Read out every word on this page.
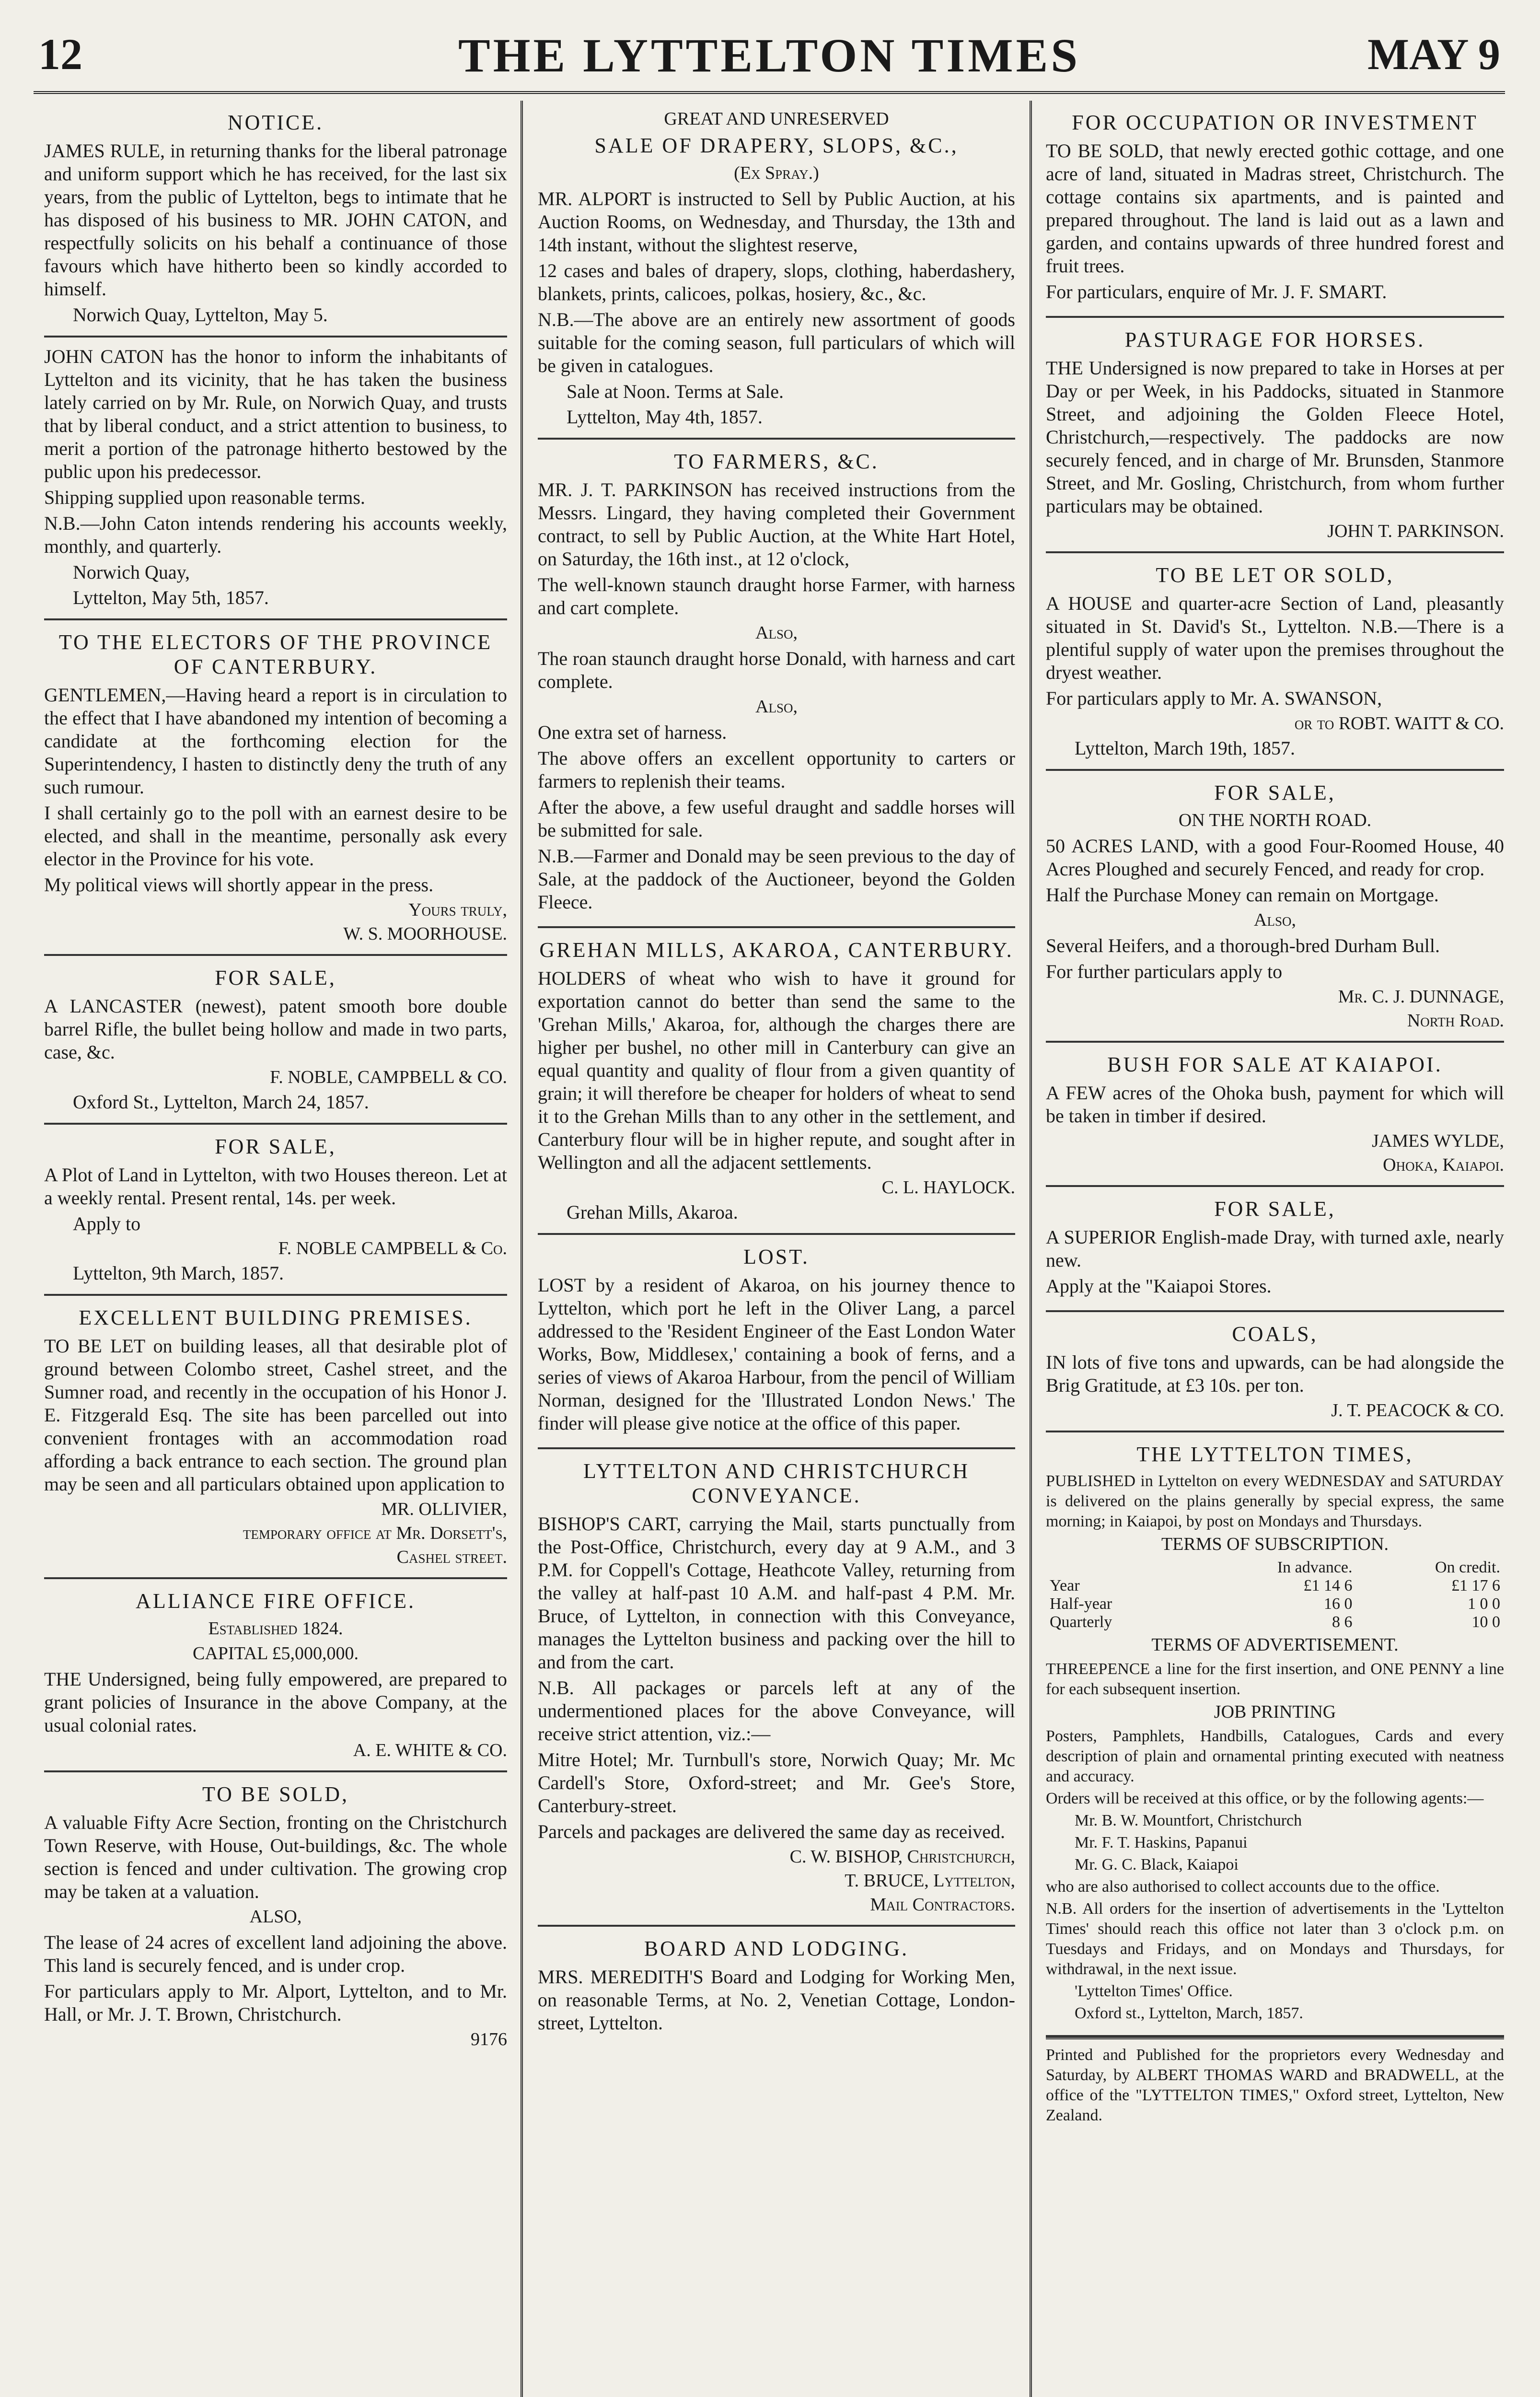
12	THE LYTTELTON TIMES	MAY 9
NOTICE.
JAMES RULE, in returning thanks for the liberal patronage and uniform support which he has received, for the last six years, from the public of Lyttelton, begs to intimate that he has disposed of his business to MR. JOHN CATON, and respectfully solicits on his behalf a continuance of those favours which have hitherto been so kindly accorded to himself.
Norwich Quay, Lyttelton, May 5.
JOHN CATON has the honor to inform the inhabitants of Lyttelton and its vicinity, that he has taken the business lately carried on by Mr. Rule, on Norwich Quay, and trusts that by liberal conduct, and a strict attention to business, to merit a portion of the patronage hitherto bestowed by the public upon his predecessor.
Shipping supplied upon reasonable terms.
N.B.—John Caton intends rendering his accounts weekly, monthly, and quarterly.
Norwich Quay,
Lyttelton, May 5th, 1857.
TO THE ELECTORS OF THE PROVINCE OF CANTERBURY.
GENTLEMEN,—Having heard a report is in circulation to the effect that I have abandoned my intention of becoming a candidate at the forthcoming election for the Superintendency, I hasten to distinctly deny the truth of any such rumour.
I shall certainly go to the poll with an earnest desire to be elected, and shall in the meantime, personally ask every elector in the Province for his vote.
My political views will shortly appear in the press.
Yours truly,
W. S. MOORHOUSE.
FOR SALE,
A LANCASTER (newest), patent smooth bore double barrel Rifle, the bullet being hollow and made in two parts, case, &c.
F. NOBLE, CAMPBELL & CO.
Oxford St., Lyttelton, March 24, 1857.
FOR SALE,
A Plot of Land in Lyttelton, with two Houses thereon. Let at a weekly rental. Present rental, 14s. per week.
Apply to
F. NOBLE CAMPBELL & Co.
Lyttelton, 9th March, 1857.
EXCELLENT BUILDING PREMISES.
TO BE LET on building leases, all that desirable plot of ground between Colombo street, Cashel street, and the Sumner road, and recently in the occupation of his Honor J. E. Fitzgerald Esq. The site has been parcelled out into convenient frontages with an accommodation road affording a back entrance to each section. The ground plan may be seen and all particulars obtained upon application to
MR. OLLIVIER,
temporary office at Mr. Dorsett's,
Cashel street.
ALLIANCE FIRE OFFICE.
Established 1824.
CAPITAL £5,000,000.
THE Undersigned, being fully empowered, are prepared to grant policies of Insurance in the above Company, at the usual colonial rates.
A. E. WHITE & CO.
TO BE SOLD,
A valuable Fifty Acre Section, fronting on the Christchurch Town Reserve, with House, Out-buildings, &c. The whole section is fenced and under cultivation. The growing crop may be taken at a valuation.
ALSO,
The lease of 24 acres of excellent land adjoining the above. This land is securely fenced, and is under crop.
For particulars apply to Mr. Alport, Lyttelton, and to Mr. Hall, or Mr. J. T. Brown, Christchurch.
9176
GREAT AND UNRESERVED
SALE OF DRAPERY, SLOPS, &C.,
(Ex Spray.)
MR. ALPORT is instructed to Sell by Public Auction, at his Auction Rooms, on Wednesday, and Thursday, the 13th and 14th instant, without the slightest reserve,
12 cases and bales of drapery, slops, clothing, haberdashery, blankets, prints, calicoes, polkas, hosiery, &c., &c.
N.B.—The above are an entirely new assortment of goods suitable for the coming season, full particulars of which will be given in catalogues.
Sale at Noon. Terms at Sale.
Lyttelton, May 4th, 1857.
TO FARMERS, &C.
MR. J. T. PARKINSON has received instructions from the Messrs. Lingard, they having completed their Government contract, to sell by Public Auction, at the White Hart Hotel, on Saturday, the 16th inst., at 12 o'clock,
The well-known staunch draught horse Farmer, with harness and cart complete.
Also,
The roan staunch draught horse Donald, with harness and cart complete.
Also,
One extra set of harness.
The above offers an excellent opportunity to carters or farmers to replenish their teams.
After the above, a few useful draught and saddle horses will be submitted for sale.
N.B.—Farmer and Donald may be seen previous to the day of Sale, at the paddock of the Auctioneer, beyond the Golden Fleece.
GREHAN MILLS, AKAROA, CANTERBURY.
HOLDERS of wheat who wish to have it ground for exportation cannot do better than send the same to the 'Grehan Mills,' Akaroa, for, although the charges there are higher per bushel, no other mill in Canterbury can give an equal quantity and quality of flour from a given quantity of grain; it will therefore be cheaper for holders of wheat to send it to the Grehan Mills than to any other in the settlement, and Canterbury flour will be in higher repute, and sought after in Wellington and all the adjacent settlements.
C. L. HAYLOCK.
Grehan Mills, Akaroa.
LOST.
LOST by a resident of Akaroa, on his journey thence to Lyttelton, which port he left in the Oliver Lang, a parcel addressed to the 'Resident Engineer of the East London Water Works, Bow, Middlesex,' containing a book of ferns, and a series of views of Akaroa Harbour, from the pencil of William Norman, designed for the 'Illustrated London News.' The finder will please give notice at the office of this paper.
LYTTELTON AND CHRISTCHURCH CONVEYANCE.
BISHOP'S CART, carrying the Mail, starts punctually from the Post-Office, Christchurch, every day at 9 A.M., and 3 P.M. for Coppell's Cottage, Heathcote Valley, returning from the valley at half-past 10 A.M. and half-past 4 P.M. Mr. Bruce, of Lyttelton, in connection with this Conveyance, manages the Lyttelton business and packing over the hill to and from the cart.
N.B. All packages or parcels left at any of the undermentioned places for the above Conveyance, will receive strict attention, viz.:—
Mitre Hotel; Mr. Turnbull's store, Norwich Quay; Mr. Mc Cardell's Store, Oxford-street; and Mr. Gee's Store, Canterbury-street.
Parcels and packages are delivered the same day as received.
C. W. BISHOP, Christchurch,
T. BRUCE, Lyttelton,
Mail Contractors.
BOARD AND LODGING.
MRS. MEREDITH'S Board and Lodging for Working Men, on reasonable Terms, at No. 2, Venetian Cottage, London-street, Lyttelton.
FOR OCCUPATION OR INVESTMENT
TO BE SOLD, that newly erected gothic cottage, and one acre of land, situated in Madras street, Christchurch. The cottage contains six apartments, and is painted and prepared throughout. The land is laid out as a lawn and garden, and contains upwards of three hundred forest and fruit trees.
For particulars, enquire of Mr. J. F. SMART.
PASTURAGE FOR HORSES.
THE Undersigned is now prepared to take in Horses at per Day or per Week, in his Paddocks, situated in Stanmore Street, and adjoining the Golden Fleece Hotel, Christchurch,—respectively. The paddocks are now securely fenced, and in charge of Mr. Brunsden, Stanmore Street, and Mr. Gosling, Christchurch, from whom further particulars may be obtained.
JOHN T. PARKINSON.
TO BE LET OR SOLD,
A HOUSE and quarter-acre Section of Land, pleasantly situated in St. David's St., Lyttelton. N.B.—There is a plentiful supply of water upon the premises throughout the dryest weather.
For particulars apply to Mr. A. SWANSON,
or to ROBT. WAITT & CO.
Lyttelton, March 19th, 1857.
FOR SALE,
ON THE NORTH ROAD.
50 ACRES LAND, with a good Four-Roomed House, 40 Acres Ploughed and securely Fenced, and ready for crop.
Half the Purchase Money can remain on Mortgage.
Also,
Several Heifers, and a thorough-bred Durham Bull.
For further particulars apply to
Mr. C. J. DUNNAGE,
North Road.
BUSH FOR SALE AT KAIAPOI.
A FEW acres of the Ohoka bush, payment for which will be taken in timber if desired.
JAMES WYLDE,
Ohoka, Kaiapoi.
FOR SALE,
A SUPERIOR English-made Dray, with turned axle, nearly new.
Apply at the "Kaiapoi Stores.
COALS,
IN lots of five tons and upwards, can be had alongside the Brig Gratitude, at £3 10s. per ton.
J. T. PEACOCK & CO.
THE LYTTELTON TIMES,
PUBLISHED in Lyttelton on every WEDNESDAY and SATURDAY is delivered on the plains generally by special express, the same morning; in Kaiapoi, by post on Mondays and Thursdays.
TERMS OF SUBSCRIPTION.
	In advance.	On credit.
Year	£1 14 6	£1 17 6
Half-year	16 0	1 0 0
Quarterly	8 6	10 0
TERMS OF ADVERTISEMENT.
THREEPENCE a line for the first insertion, and ONE PENNY a line for each subsequent insertion.
JOB PRINTING
Posters, Pamphlets, Handbills, Catalogues, Cards and every description of plain and ornamental printing executed with neatness and accuracy.
Orders will be received at this office, or by the following agents:—
Mr. B. W. Mountfort, Christchurch
Mr. F. T. Haskins, Papanui
Mr. G. C. Black, Kaiapoi
who are also authorised to collect accounts due to the office.
N.B. All orders for the insertion of advertisements in the 'Lyttelton Times' should reach this office not later than 3 o'clock p.m. on Tuesdays and Fridays, and on Mondays and Thursdays, for withdrawal, in the next issue.
'Lyttelton Times' Office.
Oxford st., Lyttelton, March, 1857.
Printed and Published for the proprietors every Wednesday and Saturday, by ALBERT THOMAS WARD and BRADWELL, at the office of the "LYTTELTON TIMES," Oxford street, Lyttelton, New Zealand.
